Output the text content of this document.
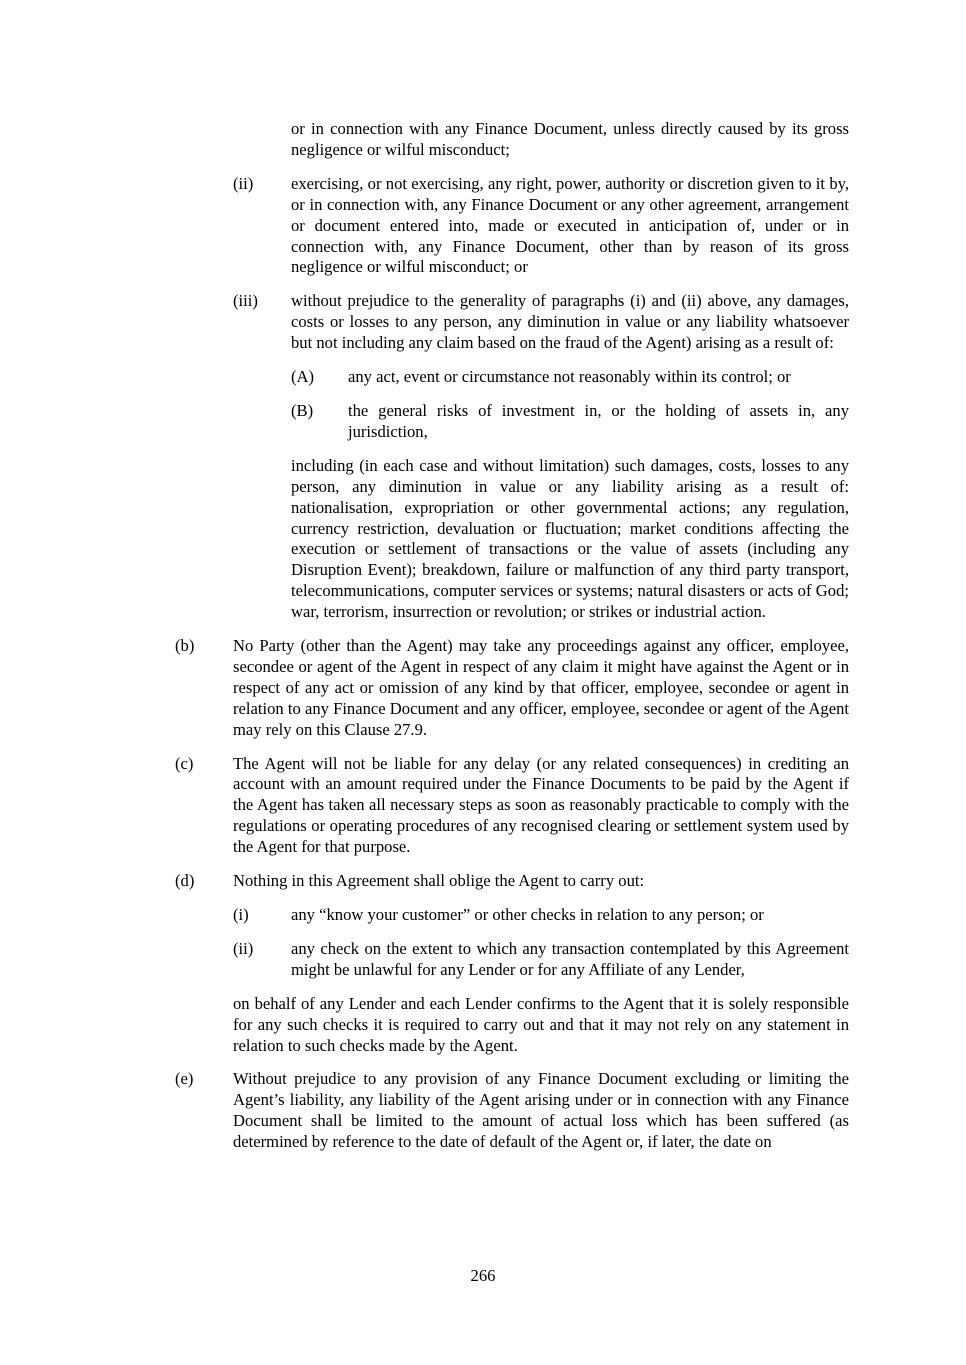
or in connection with any Finance Document, unless directly caused by its gross negligence or wilful misconduct;
(ii)	exercising, or not exercising, any right, power, authority or discretion given to it by, or in connection with, any Finance Document or any other agreement, arrangement or document entered into, made or executed in anticipation of, under or in connection with, any Finance Document, other than by reason of its gross negligence or wilful misconduct; or
(iii)	without prejudice to the generality of paragraphs (i) and (ii) above, any damages, costs or losses to any person, any diminution in value or any liability whatsoever but not including any claim based on the fraud of the Agent) arising as a result of:
(A)	any act, event or circumstance not reasonably within its control; or
(B)	the general risks of investment in, or the holding of assets in, any jurisdiction,
including (in each case and without limitation) such damages, costs, losses to any person, any diminution in value or any liability arising as a result of: nationalisation, expropriation or other governmental actions; any regulation, currency restriction, devaluation or fluctuation; market conditions affecting the execution or settlement of transactions or the value of assets (including any Disruption Event); breakdown, failure or malfunction of any third party transport, telecommunications, computer services or systems; natural disasters or acts of God; war, terrorism, insurrection or revolution; or strikes or industrial action.
(b)	No Party (other than the Agent) may take any proceedings against any officer, employee, secondee or agent of the Agent in respect of any claim it might have against the Agent or in respect of any act or omission of any kind by that officer, employee, secondee or agent in relation to any Finance Document and any officer, employee, secondee or agent of the Agent may rely on this Clause 27.9.
(c)	The Agent will not be liable for any delay (or any related consequences) in crediting an account with an amount required under the Finance Documents to be paid by the Agent if the Agent has taken all necessary steps as soon as reasonably practicable to comply with the regulations or operating procedures of any recognised clearing or settlement system used by the Agent for that purpose.
(d)	Nothing in this Agreement shall oblige the Agent to carry out:
(i)	any “know your customer” or other checks in relation to any person; or
(ii)	any check on the extent to which any transaction contemplated by this Agreement might be unlawful for any Lender or for any Affiliate of any Lender,
on behalf of any Lender and each Lender confirms to the Agent that it is solely responsible for any such checks it is required to carry out and that it may not rely on any statement in relation to such checks made by the Agent.
(e)	Without prejudice to any provision of any Finance Document excluding or limiting the Agent’s liability, any liability of the Agent arising under or in connection with any Finance Document shall be limited to the amount of actual loss which has been suffered (as determined by reference to the date of default of the Agent or, if later, the date on
266
